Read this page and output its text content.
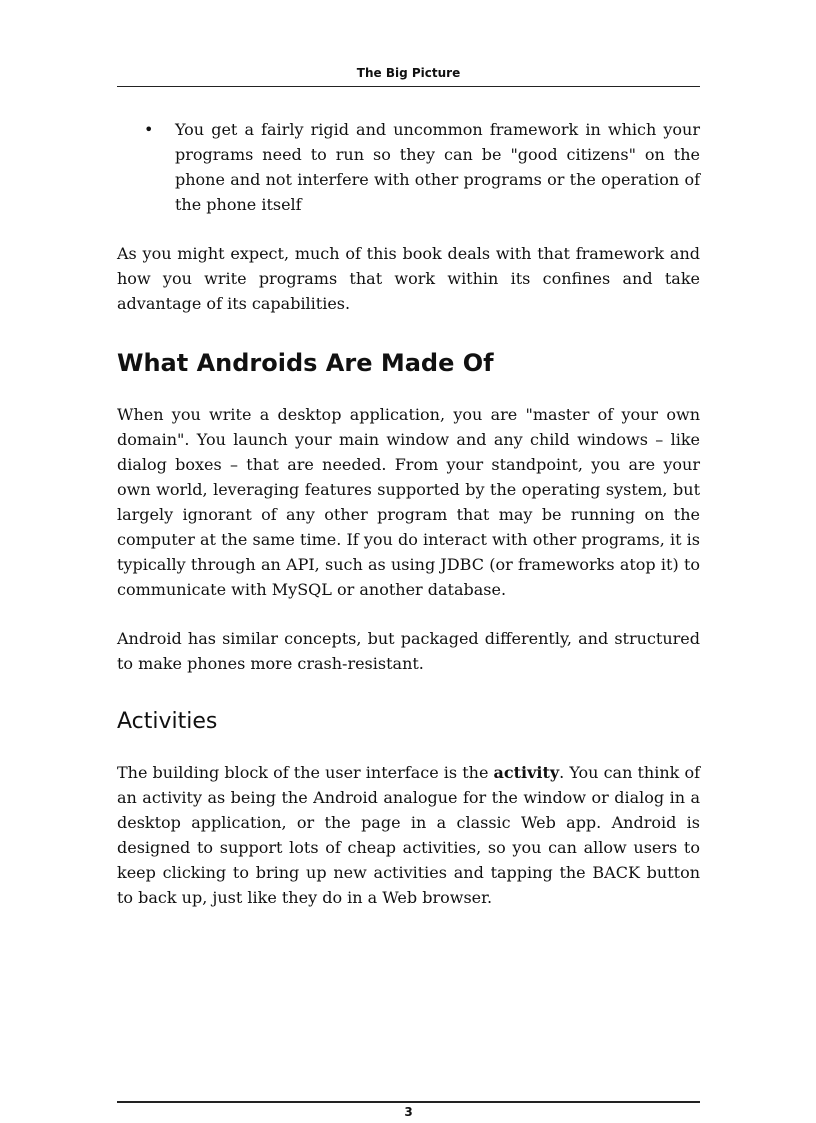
The Big Picture
• You get a fairly rigid and uncommon framework in which your programs need to run so they can be "good citizens" on the phone and not interfere with other programs or the operation of the phone itself

As you might expect, much of this book deals with that framework and how you write programs that work within its confines and take advantage of its capabilities.

What Androids Are Made Of

When you write a desktop application, you are "master of your own domain". You launch your main window and any child windows – like dialog boxes – that are needed. From your standpoint, you are your own world, leveraging features supported by the operating system, but largely ignorant of any other program that may be running on the computer at the same time. If you do interact with other programs, it is typically through an API, such as using JDBC (or frameworks atop it) to communicate with MySQL or another database.

Android has similar concepts, but packaged differently, and structured to make phones more crash-resistant.

Activities

The building block of the user interface is the activity. You can think of an activity as being the Android analogue for the window or dialog in a desktop application, or the page in a classic Web app. Android is designed to support lots of cheap activities, so you can allow users to keep clicking to bring up new activities and tapping the BACK button to back up, just like they do in a Web browser.

3
